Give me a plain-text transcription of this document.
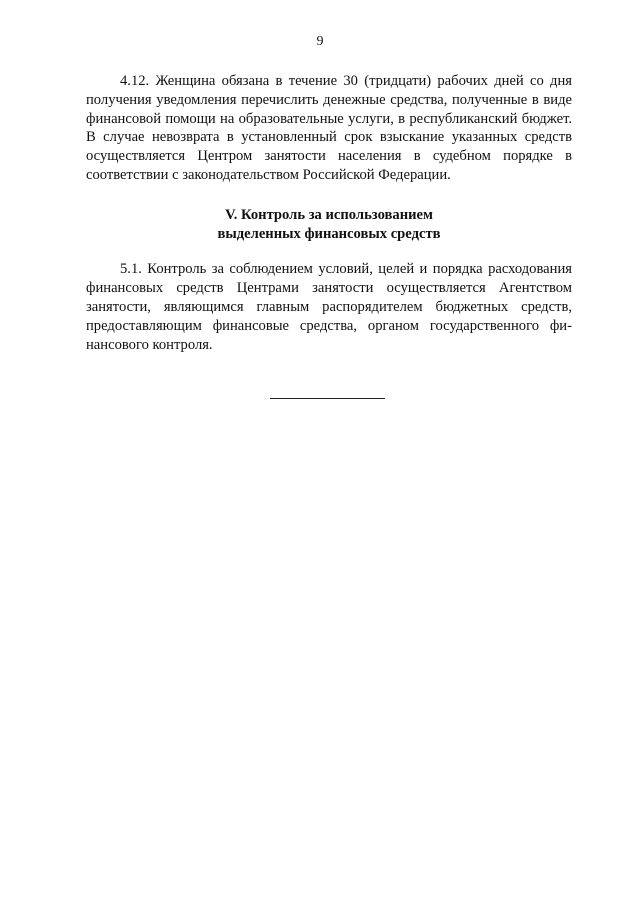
9

4.12. Женщина обязана в течение 30 (тридцати) рабочих дней со дня получения уведомления перечислить денежные средства, полученные в виде финансовой помощи на образовательные услуги, в республиканский бюджет. В случае невозврата в установленный срок взыскание указанных средств осуществляется Центром занятости населения в судебном порядке в соответствии с законодательством Российской Федерации.

V. Контроль за использованием
выделенных финансовых средств

5.1. Контроль за соблюдением условий, целей и порядка расходования финансовых средств Центрами занятости осуществляется Агентством занятости, являющимся главным распорядителем бюджетных средств, предоставляющим финансовые средства, органом государственного финансового контроля.
